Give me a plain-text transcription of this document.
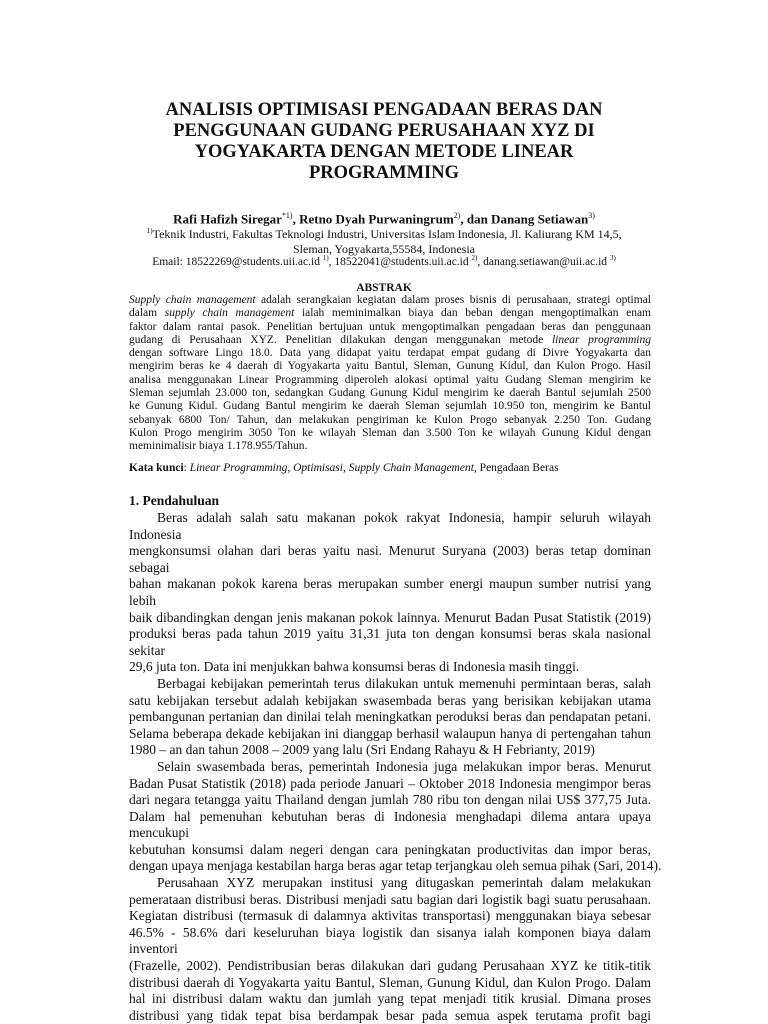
ANALISIS OPTIMISASI PENGADAAN BERAS DAN
PENGGUNAAN GUDANG PERUSAHAAN XYZ DI
YOGYAKARTA DENGAN METODE LINEAR
PROGRAMMING
Rafi Hafizh Siregar$^{*1)}$, Retno Dyah Purwaningrum$^{2)}$, dan Danang Setiawan$^{3)}$
$^{1)}$Teknik Industri, Fakultas Teknologi Industri, Universitas Islam Indonesia, Jl. Kaliurang KM 14,5,
Sleman, Yogyakarta,55584, Indonesia
Email: 18522269@students.uii.ac.id $^{1)}$, 18522041@students.uii.ac.id $^{2)}$, danang.setiawan@uii.ac.id $^{3)}$
ABSTRAK
Supply chain management adalah serangkaian kegiatan dalam proses bisnis di perusahaan, strategi optimal
dalam supply chain management ialah meminimalkan biaya dan beban dengan mengoptimalkan enam
faktor dalam rantai pasok. Penelitian bertujuan untuk mengoptimalkan pengadaan beras dan penggunaan
gudang di Perusahaan XYZ. Penelitian dilakukan dengan menggunakan metode linear programming
dengan software Lingo 18.0. Data yang didapat yaitu terdapat empat gudang di Divre Yogyakarta dan
mengirim beras ke 4 daerah di Yogyakarta yaitu Bantul, Sleman, Gunung Kidul, dan Kulon Progo. Hasil
analisa menggunakan Linear Programming diperoleh alokasi optimal yaitu Gudang Sleman mengirim ke
Sleman sejumlah 23.000 ton, sedangkan Gudang Gunung Kidul mengirim ke daerah Bantul sejumlah 2500
ke Gunung Kidul. Gudang Bantul mengirim ke daerah Sleman sejumlah 10.950 ton, mengirim ke Bantul
sebanyak 6800 Ton/ Tahun, dan melakukan pengiriman ke Kulon Progo sebanyak 2.250 Ton. Gudang
Kulon Progo mengirim 3050 Ton ke wilayah Sleman dan 3.500 Ton ke wilayah Gunung Kidul dengan
meminimalisir biaya 1.178.955/Tahun.
Kata kunci: Linear Programming, Optimisasi, Supply Chain Management, Pengadaan Beras
1. Pendahuluan
Beras adalah salah satu makanan pokok rakyat Indonesia, hampir seluruh wilayah Indonesia
mengkonsumsi olahan dari beras yaitu nasi. Menurut Suryana (2003) beras tetap dominan sebagai
bahan makanan pokok karena beras merupakan sumber energi maupun sumber nutrisi yang lebih
baik dibandingkan dengan jenis makanan pokok lainnya. Menurut Badan Pusat Statistik (2019)
produksi beras pada tahun 2019 yaitu 31,31 juta ton dengan konsumsi beras skala nasional sekitar
29,6 juta ton. Data ini menjukkan bahwa konsumsi beras di Indonesia masih tinggi.
Berbagai kebijakan pemerintah terus dilakukan untuk memenuhi permintaan beras, salah
satu kebijakan tersebut adalah kebijakan swasembada beras yang berisikan kebijakan utama
pembangunan pertanian dan dinilai telah meningkatkan peroduksi beras dan pendapatan petani.
Selama beberapa dekade kebijakan ini dianggap berhasil walaupun hanya di pertengahan tahun
1980 – an dan tahun 2008 – 2009 yang lalu (Sri Endang Rahayu & H Febrianty, 2019)
Selain swasembada beras, pemerintah Indonesia juga melakukan impor beras. Menurut
Badan Pusat Statistik (2018) pada periode Januari – Oktober 2018 Indonesia mengimpor beras
dari negara tetangga yaitu Thailand dengan jumlah 780 ribu ton dengan nilai US$ 377,75 Juta.
Dalam hal pemenuhan kebutuhan beras di Indonesia menghadapi dilema antara upaya mencukupi
kebutuhan konsumsi dalam negeri dengan cara peningkatan productivitas dan impor beras,
dengan upaya menjaga kestabilan harga beras agar tetap terjangkau oleh semua pihak (Sari, 2014).
Perusahaan XYZ merupakan institusi yang ditugaskan pemerintah dalam melakukan
pemerataan distribusi beras. Distribusi menjadi satu bagian dari logistik bagi suatu perusahaan.
Kegiatan distribusi (termasuk di dalamnya aktivitas transportasi) menggunakan biaya sebesar
46.5% - 58.6% dari keseluruhan biaya logistik dan sisanya ialah komponen biaya dalam inventori
(Frazelle, 2002). Pendistribusian beras dilakukan dari gudang Perusahaan XYZ ke titik-titik
distribusi daerah di Yogyakarta yaitu Bantul, Sleman, Gunung Kidul, dan Kulon Progo. Dalam
hal ini distribusi dalam waktu dan jumlah yang tepat menjadi titik krusial. Dimana proses
distribusi yang tidak tepat bisa berdampak besar pada semua aspek terutama profit bagi
